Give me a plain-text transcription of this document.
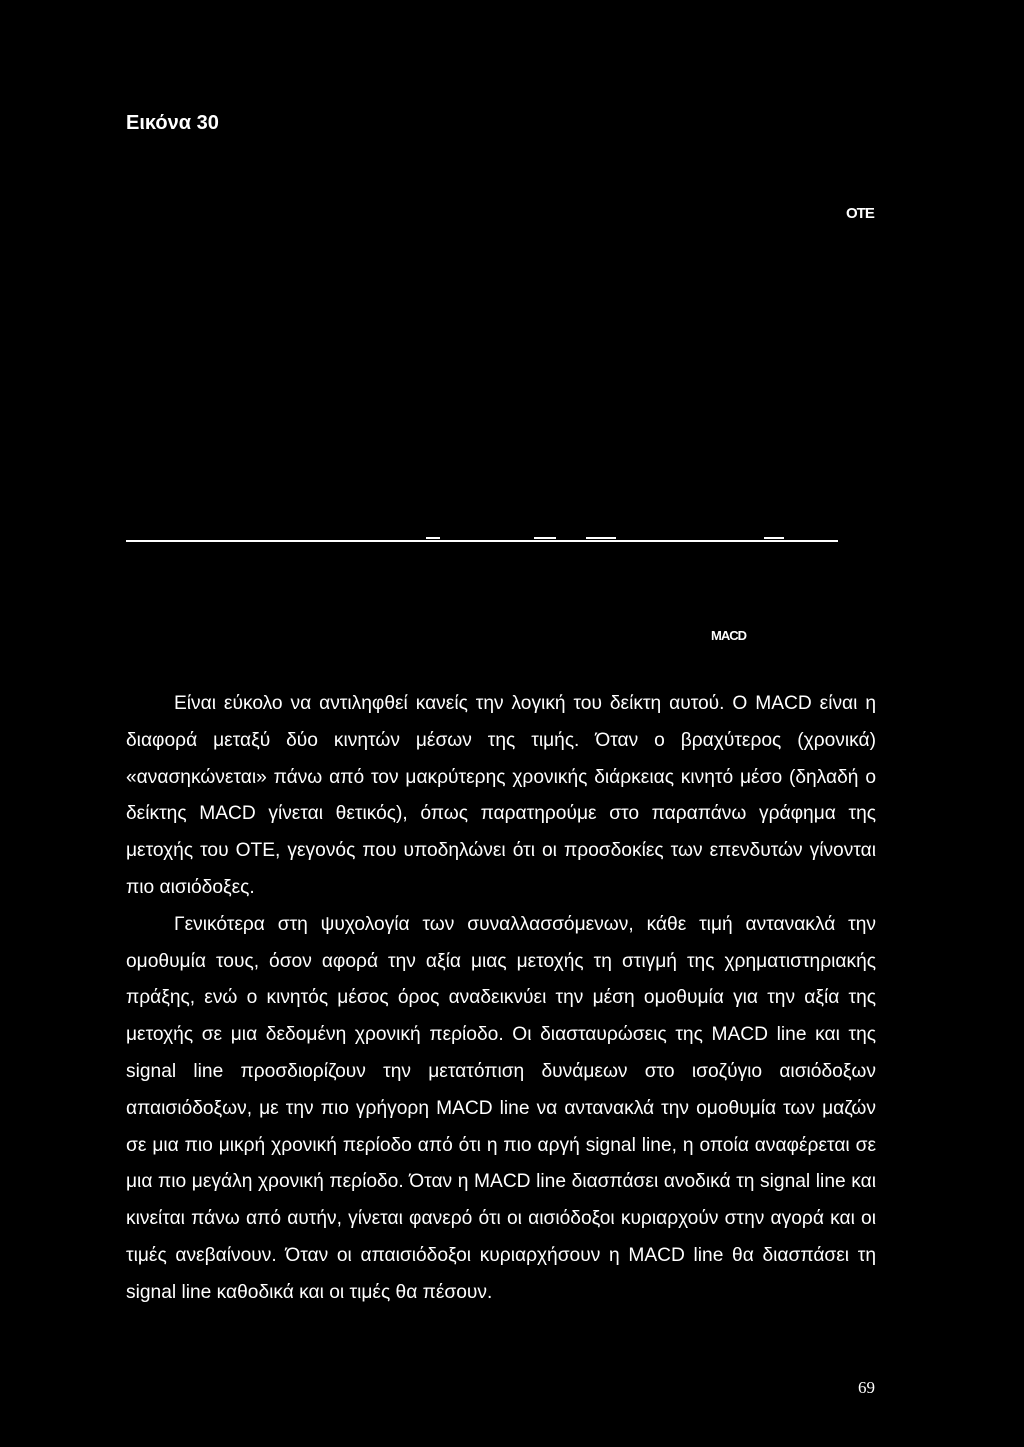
Εικόνα 30
OTE
MACD

Είναι εύκολο να αντιληφθεί κανείς την λογική του δείκτη αυτού. Ο MACD είναι η διαφορά μεταξύ δύο κινητών μέσων της τιμής. Όταν ο βραχύτερος (χρονικά) «ανασηκώνεται» πάνω από τον μακρύτερης χρονικής διάρκειας κινητό μέσο (δηλαδή ο δείκτης MACD γίνεται θετικός), όπως παρατηρούμε στο παραπάνω γράφημα της μετοχής του ΟΤΕ, γεγονός που υποδηλώνει ότι οι προσδοκίες των επενδυτών γίνονται πιο αισιόδοξες.

Γενικότερα στη ψυχολογία των συναλλασσόμενων, κάθε τιμή αντανακλά την ομοθυμία τους, όσον αφορά την αξία μιας μετοχής τη στιγμή της χρηματιστηριακής πράξης, ενώ ο κινητός μέσος όρος αναδεικνύει την μέση ομοθυμία για την αξία της μετοχής σε μια δεδομένη χρονική περίοδο. Οι διασταυρώσεις της MACD line και της signal line προσδιορίζουν την μετατόπιση δυνάμεων στο ισοζύγιο αισιόδοξων απαισιόδοξων, με την πιο γρήγορη MACD line να αντανακλά την ομοθυμία των μαζών σε μια πιο μικρή χρονική περίοδο από ότι η πιο αργή signal line, η οποία αναφέρεται σε μια πιο μεγάλη χρονική περίοδο. Όταν η MACD line διασπάσει ανοδικά τη signal line και κινείται πάνω από αυτήν, γίνεται φανερό ότι οι αισιόδοξοι κυριαρχούν στην αγορά και οι τιμές ανεβαίνουν. Όταν οι απαισιόδοξοι κυριαρχήσουν η MACD line θα διασπάσει τη signal line καθοδικά και οι τιμές θα πέσουν.

69
